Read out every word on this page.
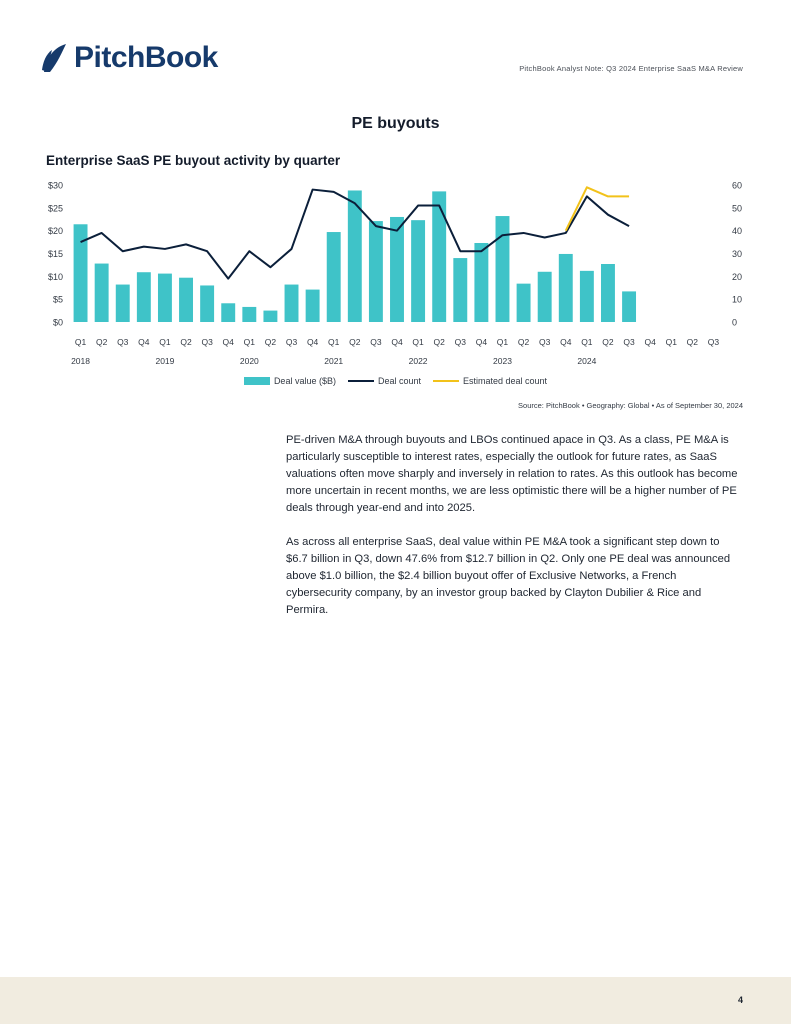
PitchBook	PitchBook Analyst Note: Q3 2024 Enterprise SaaS M&A Review
PE buyouts
Enterprise SaaS PE buyout activity by quarter
$0
$5
$10
$15
$20
$25
$30
0
10
20
30
40
50
60
Q1 Q2 Q3 Q4 Q1 Q2 Q3 Q4 Q1 Q2 Q3 Q4 Q1 Q2 Q3 Q4 Q1 Q2 Q3 Q4 Q1 Q2 Q3 Q4 Q1 Q2 Q3 Q4 Q1 Q2 Q3
2018	2019	2020	2021	2022	2023	2024
Deal value ($B)	Deal count	Estimated deal count
Source: PitchBook • Geography: Global • As of September 30, 2024

PE-driven M&A through buyouts and LBOs continued apace in Q3. As a class, PE M&A is particularly susceptible to interest rates, especially the outlook for future rates, as SaaS valuations often move sharply and inversely in relation to rates. As this outlook has become more uncertain in recent months, we are less optimistic there will be a higher number of PE deals through year-end and into 2025.

As across all enterprise SaaS, deal value within PE M&A took a significant step down to $6.7 billion in Q3, down 47.6% from $12.7 billion in Q2. Only one PE deal was announced above $1.0 billion, the $2.4 billion buyout offer of Exclusive Networks, a French cybersecurity company, by an investor group backed by Clayton Dubilier & Rice and Permira.

4
